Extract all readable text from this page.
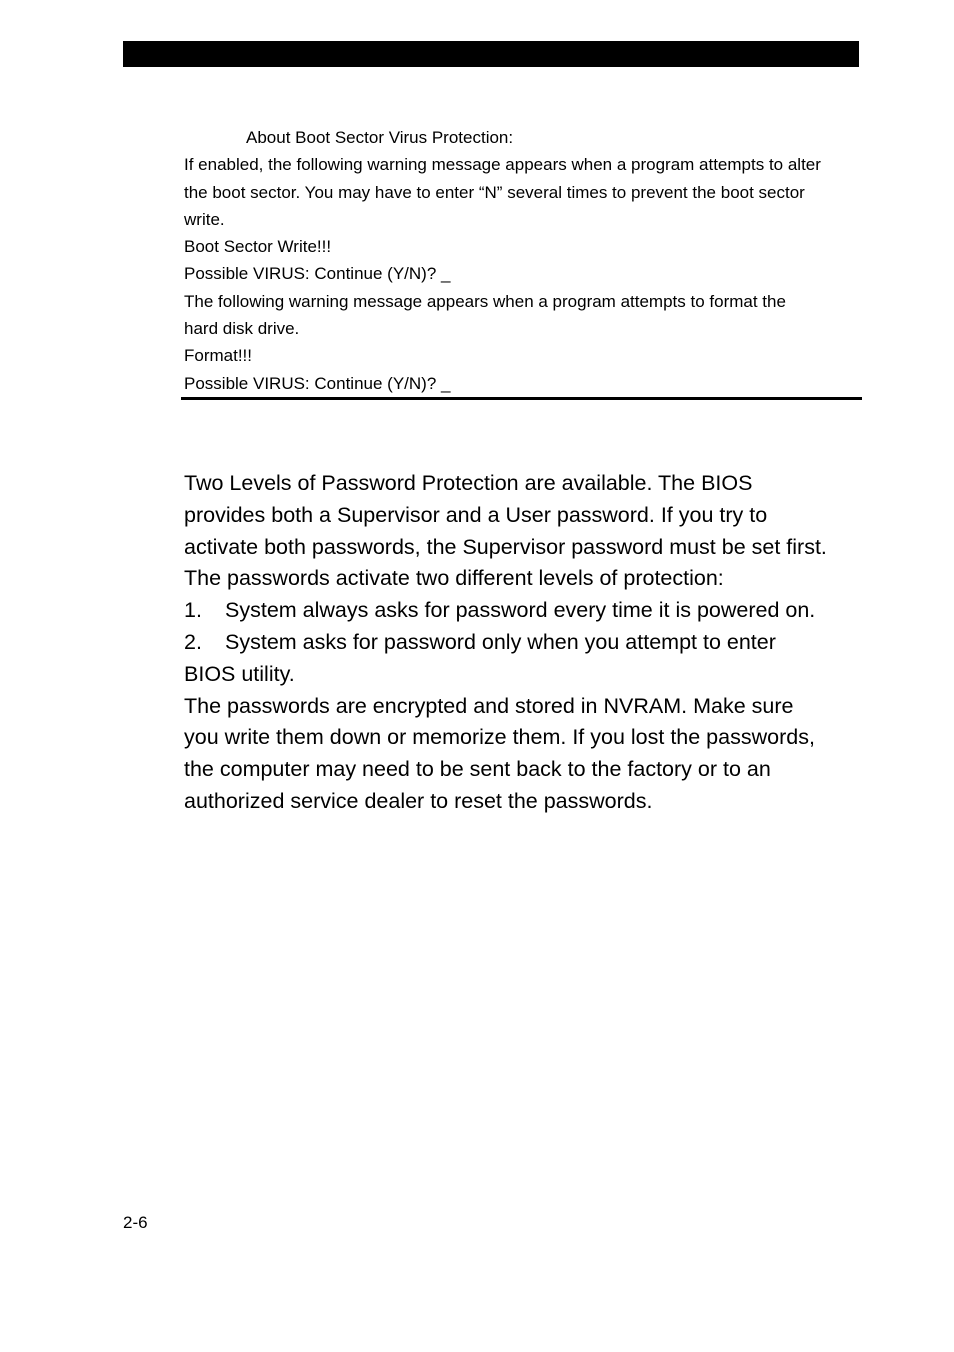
About Boot Sector Virus Protection:

If enabled, the following warning message appears when a program attempts to alter

the boot sector. You may have to enter “N” several times to prevent the boot sector

write.

Boot Sector Write!!!

Possible VIRUS: Continue (Y/N)? _

The following warning message appears when a program attempts to format the

hard disk drive.

Format!!!

Possible VIRUS: Continue (Y/N)? _

Two Levels of Password Protection are available. The BIOS

provides both a Supervisor and a User password. If you try to

activate both passwords, the Supervisor password must be set first.

The passwords activate two different levels of protection:

1. System always asks for password every time it is powered on.

2. System asks for password only when you attempt to enter

BIOS utility.

The passwords are encrypted and stored in NVRAM. Make sure

you write them down or memorize them. If you lost the passwords,

the computer may need to be sent back to the factory or to an

authorized service dealer to reset the passwords.

2-6
